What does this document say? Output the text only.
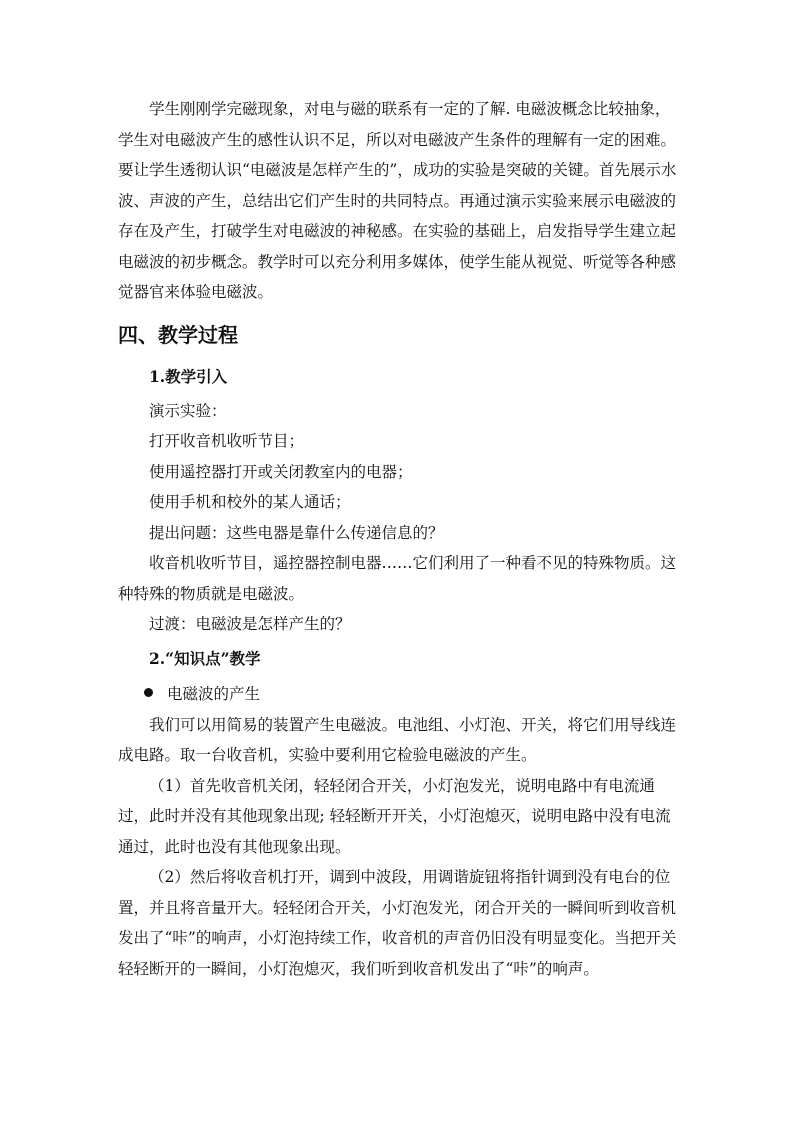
学生刚刚学完磁现象，对电与磁的联系有一定的了解. 电磁波概念比较抽象，学生对电磁波产生的感性认识不足，所以对电磁波产生条件的理解有一定的困难。要让学生透彻认识“电磁波是怎样产生的”，成功的实验是突破的关键。首先展示水波、声波的产生，总结出它们产生时的共同特点。再通过演示实验来展示电磁波的存在及产生，打破学生对电磁波的神秘感。在实验的基础上，启发指导学生建立起电磁波的初步概念。教学时可以充分利用多媒体，使学生能从视觉、听觉等各种感觉器官来体验电磁波。

四、教学过程

1.教学引入

演示实验：

打开收音机收听节目；

使用遥控器打开或关闭教室内的电器；

使用手机和校外的某人通话；

提出问题：这些电器是靠什么传递信息的？

收音机收听节目，遥控器控制电器……它们利用了一种看不见的特殊物质。这种特殊的物质就是电磁波。

过渡：电磁波是怎样产生的？

2.“知识点”教学

电磁波的产生

我们可以用简易的装置产生电磁波。电池组、小灯泡、开关，将它们用导线连成电路。取一台收音机，实验中要利用它检验电磁波的产生。

（1）首先收音机关闭，轻轻闭合开关，小灯泡发光，说明电路中有电流通过，此时并没有其他现象出现; 轻轻断开开关，小灯泡熄灭，说明电路中没有电流通过，此时也没有其他现象出现。

（2）然后将收音机打开，调到中波段，用调谐旋钮将指针调到没有电台的位置，并且将音量开大。轻轻闭合开关，小灯泡发光，闭合开关的一瞬间听到收音机发出了“咔”的响声，小灯泡持续工作，收音机的声音仍旧没有明显变化。当把开关轻轻断开的一瞬间，小灯泡熄灭，我们听到收音机发出了“咔”的响声。
